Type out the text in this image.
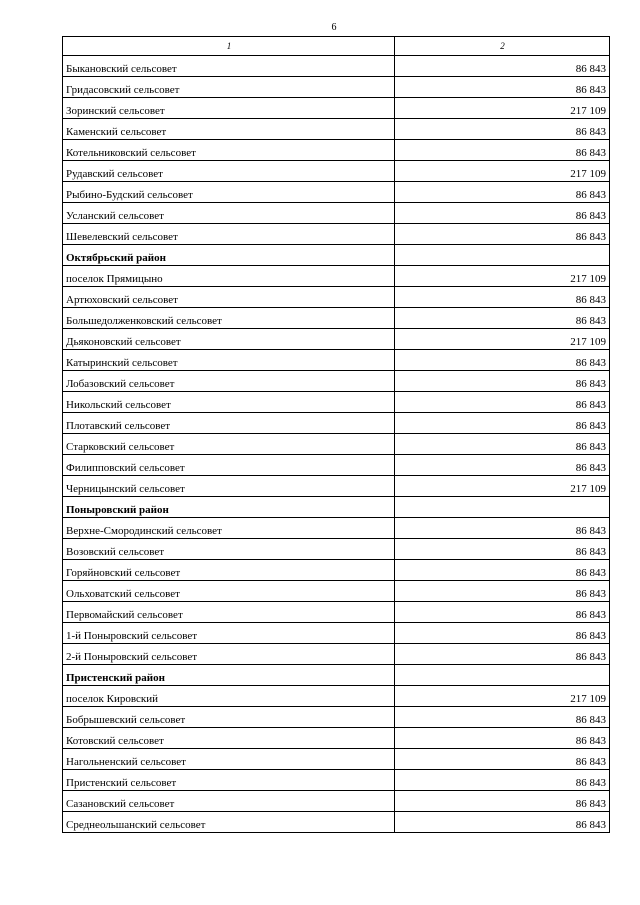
6
1	2
Быкановский сельсовет	86 843
Гридасовский сельсовет	86 843
Зоринский сельсовет	217 109
Каменский сельсовет	86 843
Котельниковский сельсовет	86 843
Рудавский сельсовет	217 109
Рыбино-Будский сельсовет	86 843
Усланский сельсовет	86 843
Шевелевский сельсовет	86 843
Октябрьский район	
поселок Прямицыно	217 109
Артюховский сельсовет	86 843
Большедолженковский сельсовет	86 843
Дьяконовский сельсовет	217 109
Катыринский сельсовет	86 843
Лобазовский сельсовет	86 843
Никольский сельсовет	86 843
Плотавский сельсовет	86 843
Старковский сельсовет	86 843
Филипповский сельсовет	86 843
Черницынский сельсовет	217 109
Поныровский район	
Верхне-Смородинский сельсовет	86 843
Возовский сельсовет	86 843
Горяйновский сельсовет	86 843
Ольховатский сельсовет	86 843
Первомайский сельсовет	86 843
1-й Поныровский сельсовет	86 843
2-й Поныровский сельсовет	86 843
Пристенский район	
поселок Кировский	217 109
Бобрышевский сельсовет	86 843
Котовский сельсовет	86 843
Нагольненский сельсовет	86 843
Пристенский сельсовет	86 843
Сазановский сельсовет	86 843
Среднеольшанский сельсовет	86 843
